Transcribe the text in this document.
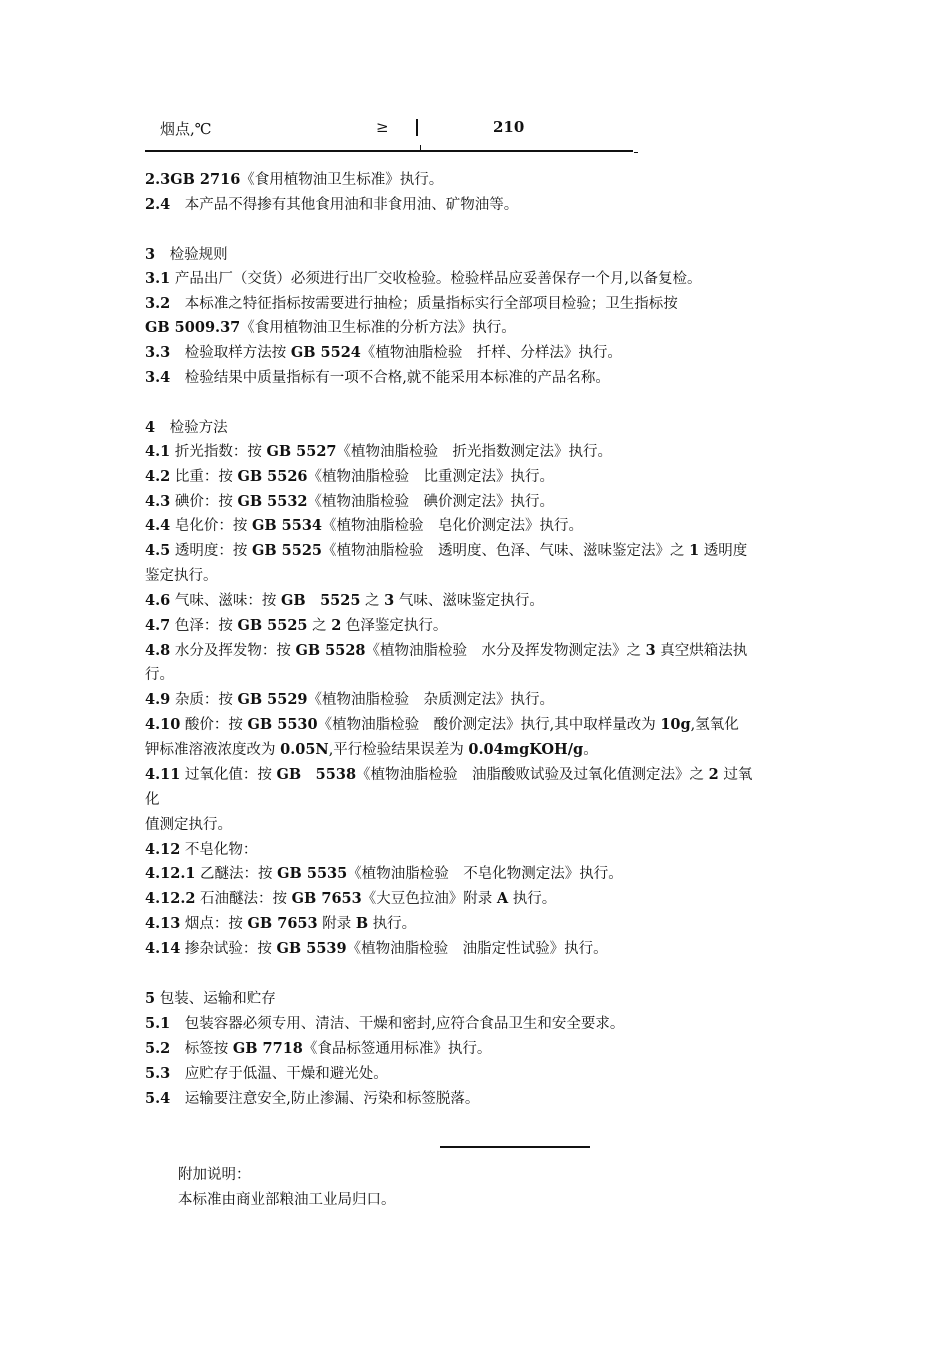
烟点,℃	≥	210
2.3GB 2716《食用植物油卫生标准》执行。
2.4　本产品不得掺有其他食用油和非食用油、矿物油等。
3　检验规则
3.1 产品出厂（交货）必须进行出厂交收检验。检验样品应妥善保存一个月,以备复检。
3.2　本标准之特征指标按需要进行抽检；质量指标实行全部项目检验；卫生指标按
GB 5009.37《食用植物油卫生标准的分析方法》执行。
3.3　检验取样方法按 GB 5524《植物油脂检验　扦样、分样法》执行。
3.4　检验结果中质量指标有一项不合格,就不能采用本标准的产品名称。
4　检验方法
4.1 折光指数：按 GB 5527《植物油脂检验　折光指数测定法》执行。
4.2 比重：按 GB 5526《植物油脂检验　比重测定法》执行。
4.3 碘价：按 GB 5532《植物油脂检验　碘价测定法》执行。
4.4 皂化价：按 GB 5534《植物油脂检验　皂化价测定法》执行。
4.5 透明度：按 GB 5525《植物油脂检验　透明度、色泽、气味、滋味鉴定法》之 1 透明度
鉴定执行。
4.6 气味、滋味：按 GB　5525 之 3 气味、滋味鉴定执行。
4.7 色泽：按 GB 5525 之 2 色泽鉴定执行。
4.8 水分及挥发物：按 GB 5528《植物油脂检验　水分及挥发物测定法》之 3 真空烘箱法执
行。
4.9 杂质：按 GB 5529《植物油脂检验　杂质测定法》执行。
4.10 酸价：按 GB 5530《植物油脂检验　酸价测定法》执行,其中取样量改为 10g,氢氧化
钾标准溶液浓度改为 0.05N,平行检验结果误差为 0.04mgKOH/g。
4.11 过氧化值：按 GB　5538《植物油脂检验　油脂酸败试验及过氧化值测定法》之 2 过氧
化
值测定执行。
4.12 不皂化物：
4.12.1 乙醚法：按 GB 5535《植物油脂检验　不皂化物测定法》执行。
4.12.2 石油醚法：按 GB 7653《大豆色拉油》附录 A 执行。
4.13 烟点：按 GB 7653 附录 B 执行。
4.14 掺杂试验：按 GB 5539《植物油脂检验　油脂定性试验》执行。
5 包装、运输和贮存
5.1　包装容器必须专用、清洁、干燥和密封,应符合食品卫生和安全要求。
5.2　标签按 GB 7718《食品标签通用标准》执行。
5.3　应贮存于低温、干燥和避光处。
5.4　运输要注意安全,防止渗漏、污染和标签脱落。
附加说明：
本标准由商业部粮油工业局归口。
